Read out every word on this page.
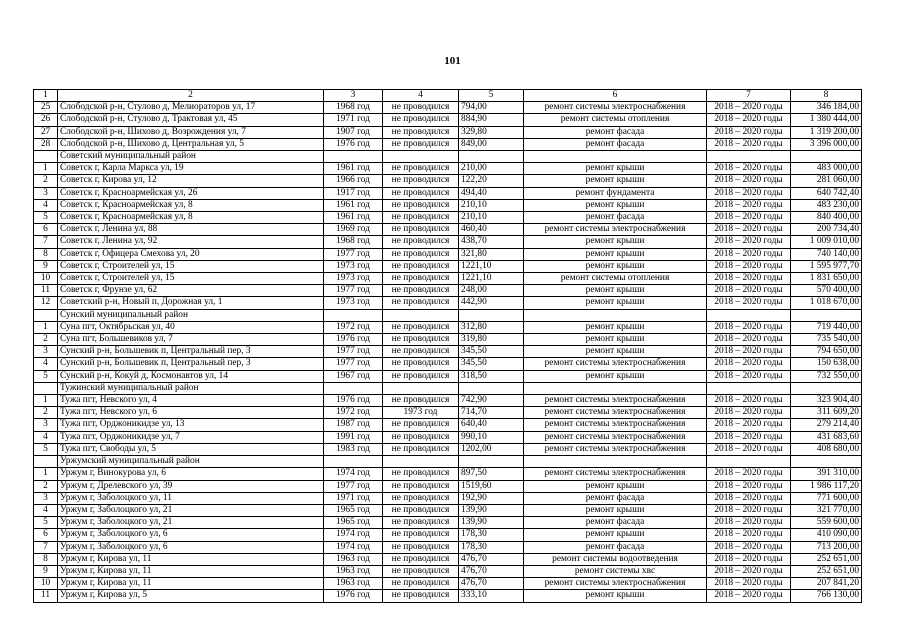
101
1	2	3	4	5	6	7	8
25	Слободской р-н, Стулово д, Мелиораторов ул, 17	1968 год	не проводился	794,00	ремонт системы электроснабжения	2018 – 2020 годы	346 184,00
26	Слободской р-н, Стулово д, Трактовая ул, 45	1971 год	не проводился	884,90	ремонт системы отопления	2018 – 2020 годы	1 380 444,00
27	Слободской р-н, Шихово д, Возрождения ул, 7	1907 год	не проводился	329,80	ремонт фасада	2018 – 2020 годы	1 319 200,00
28	Слободской р-н, Шихово д, Центральная ул, 5	1976 год	не проводился	849,00	ремонт фасада	2018 – 2020 годы	3 396 000,00
	Советский муниципальный район						
1	Советск г, Карла Маркса ул, 19	1961 год	не проводился	210,00	ремонт крыши	2018 – 2020 годы	483 000,00
2	Советск г, Кирова ул, 12	1966 год	не проводился	122,20	ремонт крыши	2018 – 2020 годы	281 060,00
3	Советск г, Красноармейская ул, 26	1917 год	не проводился	494,40	ремонт фундамента	2018 – 2020 годы	640 742,40
4	Советск г, Красноармейская ул, 8	1961 год	не проводился	210,10	ремонт крыши	2018 – 2020 годы	483 230,00
5	Советск г, Красноармейская ул, 8	1961 год	не проводился	210,10	ремонт фасада	2018 – 2020 годы	840 400,00
6	Советск г, Ленина ул, 88	1969 год	не проводился	460,40	ремонт системы электроснабжения	2018 – 2020 годы	200 734,40
7	Советск г, Ленина ул, 92	1968 год	не проводился	438,70	ремонт крыши	2018 – 2020 годы	1 009 010,00
8	Советск г, Офицера Смехова ул, 20	1977 год	не проводился	321,80	ремонт крыши	2018 – 2020 годы	740 140,00
9	Советск г, Строителей ул, 15	1973 год	не проводился	1221,10	ремонт крыши	2018 – 2020 годы	1 595 977,70
10	Советск г, Строителей ул, 15	1973 год	не проводился	1221,10	ремонт системы отопления	2018 – 2020 годы	1 831 650,00
11	Советск г, Фрунзе ул, 62	1977 год	не проводился	248,00	ремонт крыши	2018 – 2020 годы	570 400,00
12	Советский р-н, Новый п, Дорожная ул, 1	1973 год	не проводился	442,90	ремонт крыши	2018 – 2020 годы	1 018 670,00
	Сунский муниципальный район						
1	Суна пгт, Октябрьская ул, 40	1972 год	не проводился	312,80	ремонт крыши	2018 – 2020 годы	719 440,00
2	Суна пгт, Большевиков ул, 7	1976 год	не проводился	319,80	ремонт крыши	2018 – 2020 годы	735 540,00
3	Сунский р-н, Большевик п, Центральный пер, 3	1977 год	не проводился	345,50	ремонт крыши	2018 – 2020 годы	794 650,00
4	Сунский р-н, Большевик п, Центральный пер, 3	1977 год	не проводился	345,50	ремонт системы электроснабжения	2018 – 2020 годы	150 638,00
5	Сунский р-н, Кокуй д, Космонавтов ул, 14	1967 год	не проводился	318,50	ремонт крыши	2018 – 2020 годы	732 550,00
	Тужинский муниципальный район						
1	Тужа пгт, Невского ул, 4	1976 год	не проводился	742,90	ремонт системы электроснабжения	2018 – 2020 годы	323 904,40
2	Тужа пгт, Невского ул, 6	1972 год	1973 год	714,70	ремонт системы электроснабжения	2018 – 2020 годы	311 609,20
3	Тужа пгт, Орджоникидзе ул, 13	1987 год	не проводился	640,40	ремонт системы электроснабжения	2018 – 2020 годы	279 214,40
4	Тужа пгт, Орджоникидзе ул, 7	1991 год	не проводился	990,10	ремонт системы электроснабжения	2018 – 2020 годы	431 683,60
5	Тужа пгт, Свободы ул, 5	1983 год	не проводился	1202,00	ремонт системы электроснабжения	2018 – 2020 годы	408 680,00
	Уржумский муниципальный район						
1	Уржум г, Винокурова ул, 6	1974 год	не проводился	897,50	ремонт системы электроснабжения	2018 – 2020 годы	391 310,00
2	Уржум г, Дрелевского ул, 39	1977 год	не проводился	1519,60	ремонт крыши	2018 – 2020 годы	1 986 117,20
3	Уржум г, Заболоцкого ул, 11	1971 год	не проводился	192,90	ремонт фасада	2018 – 2020 годы	771 600,00
4	Уржум г, Заболоцкого ул, 21	1965 год	не проводился	139,90	ремонт крыши	2018 – 2020 годы	321 770,00
5	Уржум г, Заболоцкого ул, 21	1965 год	не проводился	139,90	ремонт фасада	2018 – 2020 годы	559 600,00
6	Уржум г, Заболоцкого ул, 6	1974 год	не проводился	178,30	ремонт крыши	2018 – 2020 годы	410 090,00
7	Уржум г, Заболоцкого ул, 6	1974 год	не проводился	178,30	ремонт фасада	2018 – 2020 годы	713 200,00
8	Уржум г, Кирова ул, 11	1963 год	не проводился	476,70	ремонт системы водоотведения	2018 – 2020 годы	252 651,00
9	Уржум г, Кирова ул, 11	1963 год	не проводился	476,70	ремонт системы хвс	2018 – 2020 годы	252 651,00
10	Уржум г, Кирова ул, 11	1963 год	не проводился	476,70	ремонт системы электроснабжения	2018 – 2020 годы	207 841,20
11	Уржум г, Кирова ул, 5	1976 год	не проводился	333,10	ремонт крыши	2018 – 2020 годы	766 130,00
